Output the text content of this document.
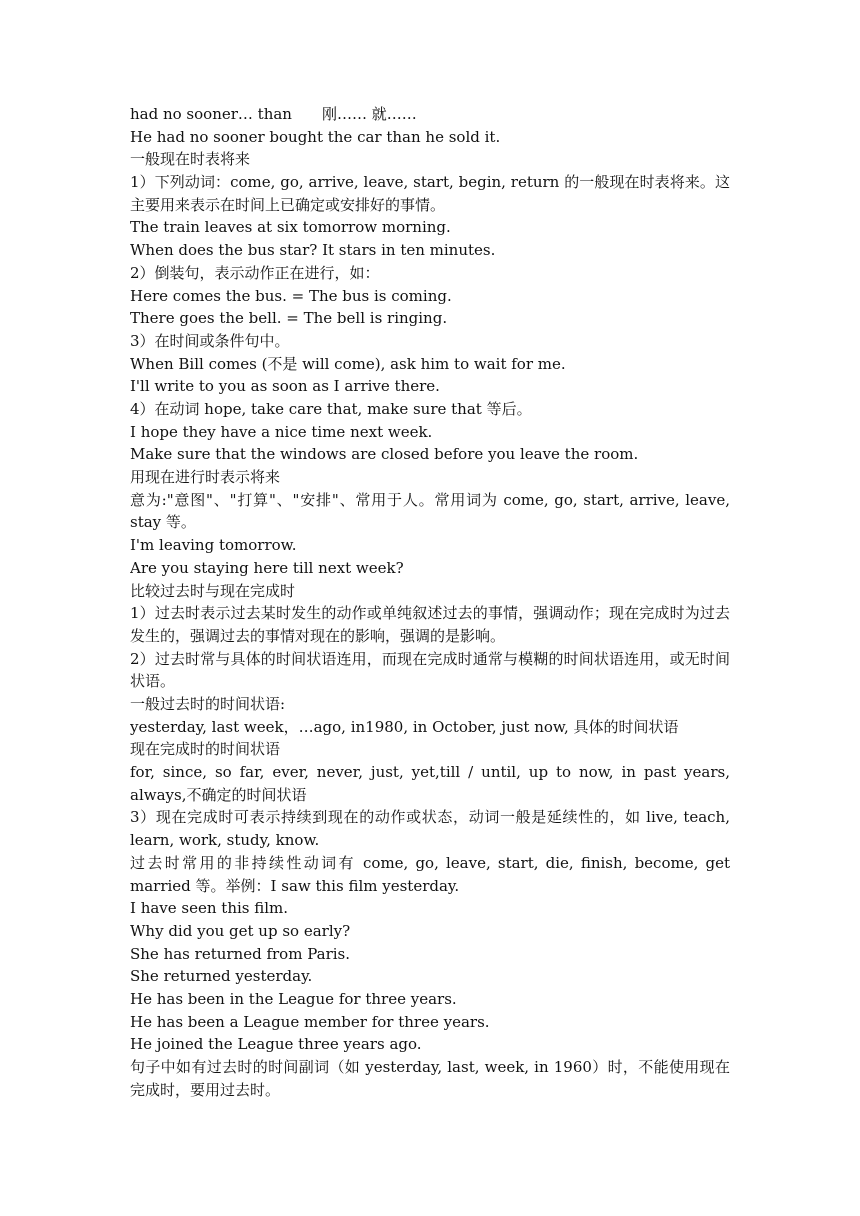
had no sooner… than 刚…… 就……
He had no sooner bought the car than he sold it.
一般现在时表将来
1）下列动词：come, go, arrive, leave, start, begin, return 的一般现在时表将来。这主要用来表示在时间上已确定或安排好的事情。
The train leaves at six tomorrow morning.
When does the bus star? It stars in ten minutes.
2）倒装句，表示动作正在进行，如：
Here comes the bus. = The bus is coming.
There goes the bell. = The bell is ringing.
3）在时间或条件句中。
When Bill comes (不是 will come), ask him to wait for me.
I'll write to you as soon as I arrive there.
4）在动词 hope, take care that, make sure that 等后。
I hope they have a nice time next week.
Make sure that the windows are closed before you leave the room.
用现在进行时表示将来
意为:"意图"、"打算"、"安排"、常用于人。常用词为 come, go, start, arrive, leave, stay 等。
I'm leaving tomorrow.
Are you staying here till next week?
比较过去时与现在完成时
1）过去时表示过去某时发生的动作或单纯叙述过去的事情，强调动作；现在完成时为过去发生的，强调过去的事情对现在的影响，强调的是影响。
2）过去时常与具体的时间状语连用，而现在完成时通常与模糊的时间状语连用，或无时间状语。
一般过去时的时间状语:
yesterday, last week，…ago, in1980, in October, just now, 具体的时间状语
现在完成时的时间状语
for, since, so far, ever, never, just, yet,till / until, up to now, in past years, always,不确定的时间状语
3）现在完成时可表示持续到现在的动作或状态，动词一般是延续性的，如 live, teach, learn, work, study, know.
过去时常用的非持续性动词有 come, go, leave, start, die, finish, become, get married 等。举例：I saw this film yesterday.
I have seen this film.
Why did you get up so early?
She has returned from Paris.
She returned yesterday.
He has been in the League for three years.
He has been a League member for three years.
He joined the League three years ago.
句子中如有过去时的时间副词（如 yesterday, last, week, in 1960）时，不能使用现在完成时，要用过去时。
